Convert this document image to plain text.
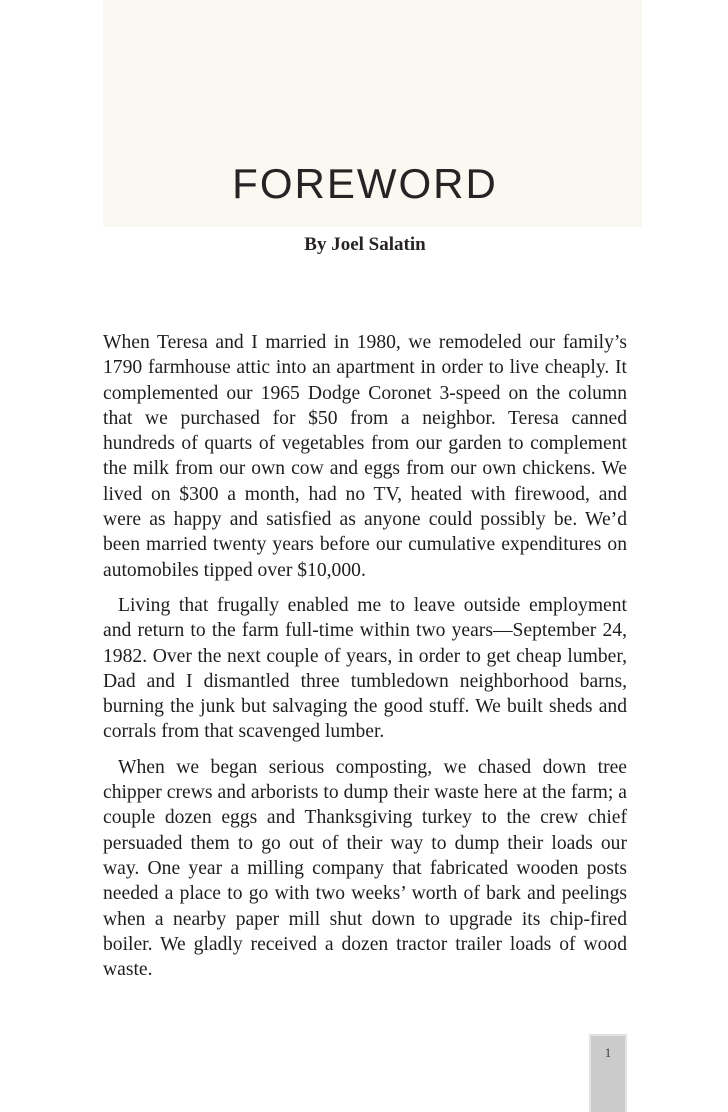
FOREWORD
By Joel Salatin

When Teresa and I married in 1980, we remodeled our family’s 1790 farmhouse attic into an apartment in order to live cheaply. It complemented our 1965 Dodge Coronet 3-speed on the column that we purchased for $50 from a neighbor. Teresa canned hundreds of quarts of vegetables from our garden to complement the milk from our own cow and eggs from our own chickens. We lived on $300 a month, had no TV, heated with firewood, and were as happy and satisfied as anyone could possibly be. We’d been married twenty years before our cumulative expenditures on automobiles tipped over $10,000.

Living that frugally enabled me to leave outside employment and return to the farm full-time within two years—September 24, 1982. Over the next couple of years, in order to get cheap lumber, Dad and I dismantled three tumbledown neighborhood barns, burning the junk but salvaging the good stuff. We built sheds and corrals from that scavenged lumber.

When we began serious composting, we chased down tree chipper crews and arborists to dump their waste here at the farm; a couple dozen eggs and Thanksgiving turkey to the crew chief persuaded them to go out of their way to dump their loads our way. One year a milling company that fabricated wooden posts needed a place to go with two weeks’ worth of bark and peelings when a nearby paper mill shut down to upgrade its chip-fired boiler. We gladly received a dozen tractor trailer loads of wood waste.

1
